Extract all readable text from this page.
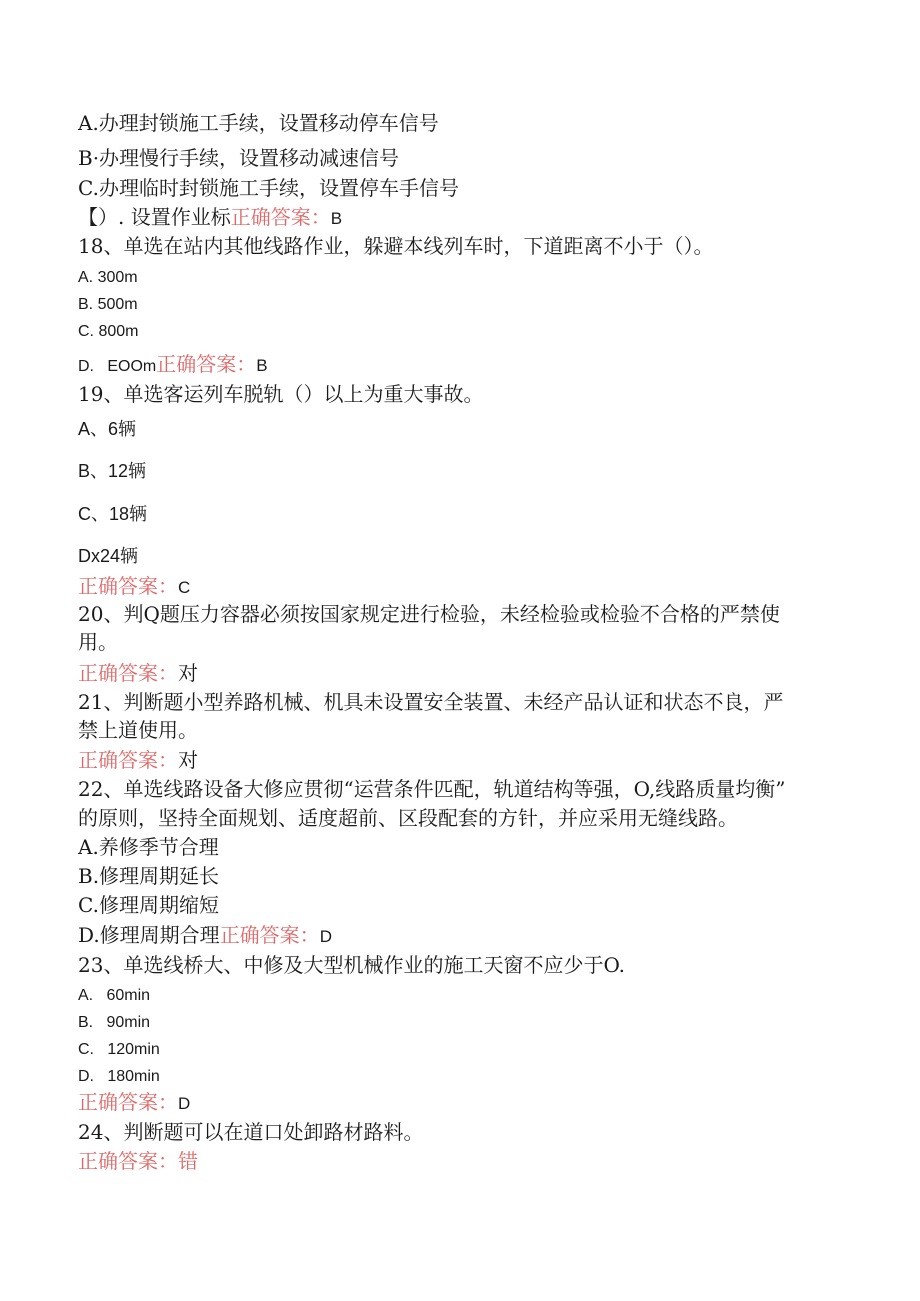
A.办理封锁施工手续，设置移动停车信号
B·办理慢行手续，设置移动减速信号
C.办理临时封锁施工手续，设置停车手信号
【）. 设置作业标正确答案：B
18、单选在站内其他线路作业，躲避本线列车时，下道距离不小于（）。
A. 300m
B. 500m
C. 800m
D.   EOOm正确答案：B
19、单选客运列车脱轨（）以上为重大事故。
A、6辆
B、12辆
C、18辆
Dx24辆
正确答案：C
20、判Q题压力容器必须按国家规定进行检验，未经检验或检验不合格的严禁使
用。
正确答案：对
21、判断题小型养路机械、机具未设置安全装置、未经产品认证和状态不良，严
禁上道使用。
正确答案：对
22、单选线路设备大修应贯彻“运营条件匹配，轨道结构等强，O,线路质量均衡”
的原则，坚持全面规划、适度超前、区段配套的方针，并应采用无缝线路。
A.养修季节合理
B.修理周期延长
C.修理周期缩短
D.修理周期合理正确答案：D
23、单选线桥大、中修及大型机械作业的施工天窗不应少于O.
A.   60min
B.   90min
C.   120min
D.   180min
正确答案：D
24、判断题可以在道口处卸路材路料。
正确答案：错
